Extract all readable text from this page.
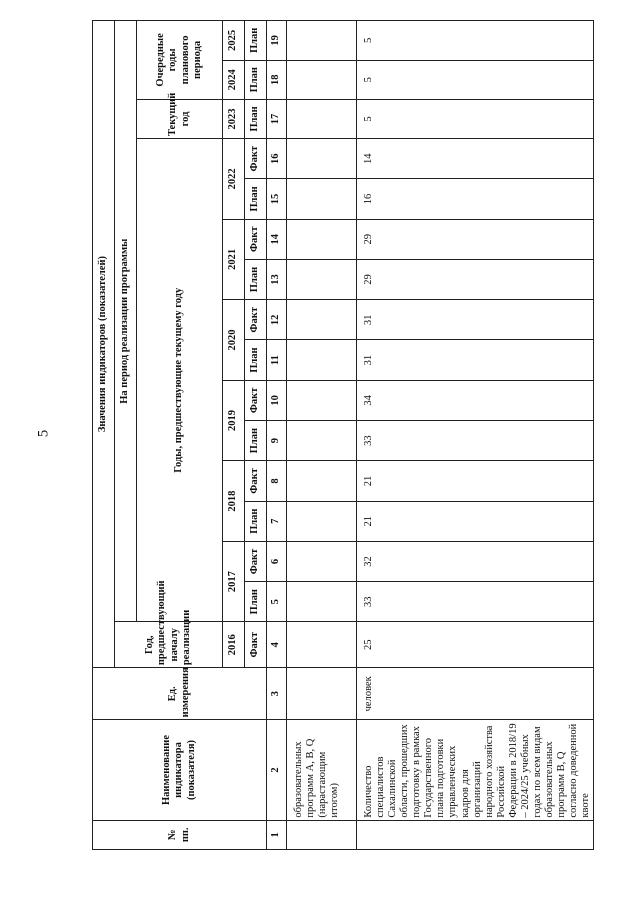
5
№ пп.	Наименование индикатора (показателя)	Ед. измерения	Значения индикаторов (показателей)															
			Год, предшествующий началу реализации	На период реализации программы														
				Годы, предшествующие текущему году												Текущий год	Очередные годы планового периода	
			2016	2017		2018		2019		2020		2021		2022		2023	2024	2025
			Факт	План	Факт	План	Факт	План	Факт	План	Факт	План	Факт	План	Факт	План	План	План
1	2	3	4	5	6	7	8	9	10	11	12	13	14	15	16	17	18	19
	образовательных программ A, B, Q (нарастающим итогом)																	
	Количество специалистов Сахалинской области, прошедших подготовку в рамках Государственного плана подготовки управленческих кадров для организаций народного хозяйства Российской Федерации в 2018/19 – 2024/25 учебных годах по всем видам образовательных программ B, Q согласно доведенной квоте	человек	25	33	32	21	21	33	34	31	31	29	29	16	14	5	5	5
